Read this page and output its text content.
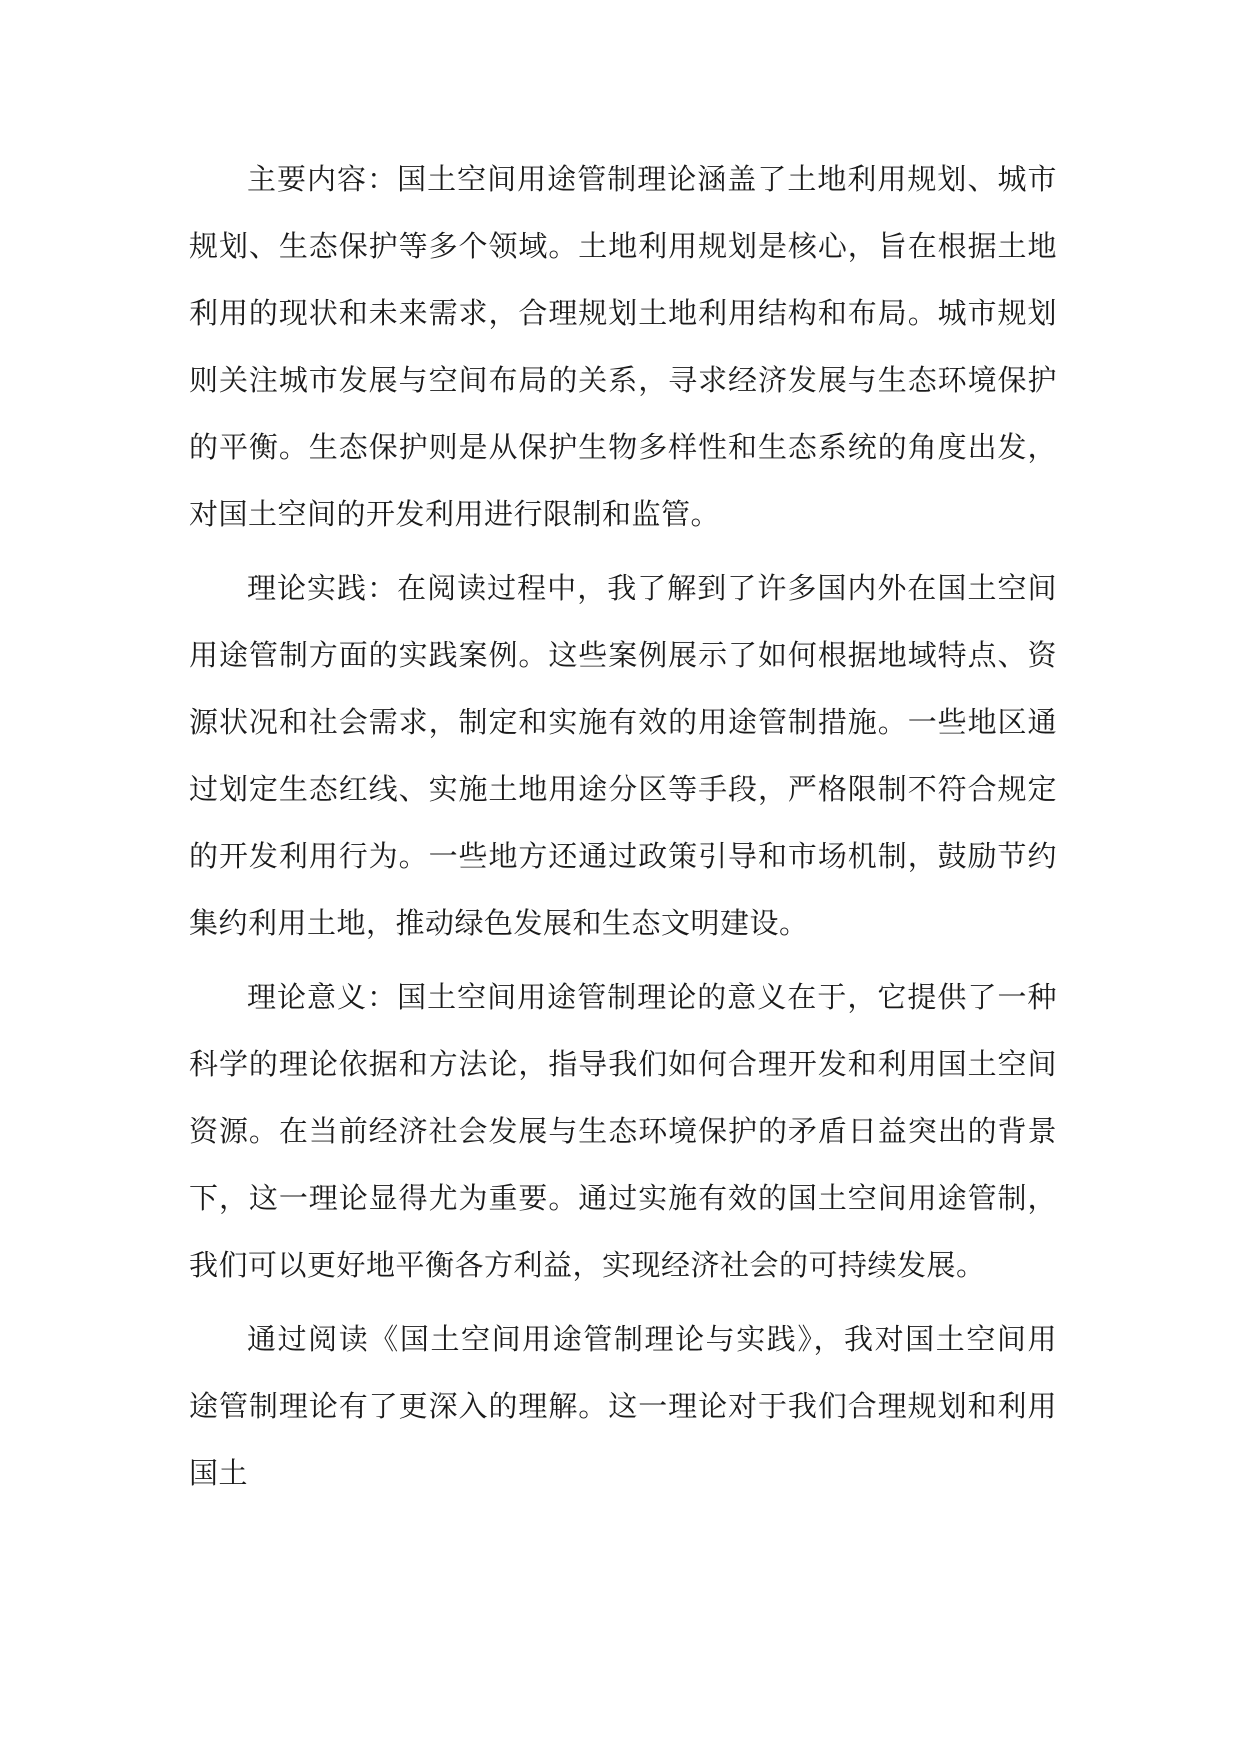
主要内容：国土空间用途管制理论涵盖了土地利用规划、城市规划、生态保护等多个领域。土地利用规划是核心，旨在根据土地利用的现状和未来需求，合理规划土地利用结构和布局。城市规划则关注城市发展与空间布局的关系，寻求经济发展与生态环境保护的平衡。生态保护则是从保护生物多样性和生态系统的角度出发，对国土空间的开发利用进行限制和监管。

理论实践：在阅读过程中，我了解到了许多国内外在国土空间用途管制方面的实践案例。这些案例展示了如何根据地域特点、资源状况和社会需求，制定和实施有效的用途管制措施。一些地区通过划定生态红线、实施土地用途分区等手段，严格限制不符合规定的开发利用行为。一些地方还通过政策引导和市场机制，鼓励节约集约利用土地，推动绿色发展和生态文明建设。

理论意义：国土空间用途管制理论的意义在于，它提供了一种科学的理论依据和方法论，指导我们如何合理开发和利用国土空间资源。在当前经济社会发展与生态环境保护的矛盾日益突出的背景下，这一理论显得尤为重要。通过实施有效的国土空间用途管制，我们可以更好地平衡各方利益，实现经济社会的可持续发展。

通过阅读《国土空间用途管制理论与实践》，我对国土空间用途管制理论有了更深入的理解。这一理论对于我们合理规划和利用国土
